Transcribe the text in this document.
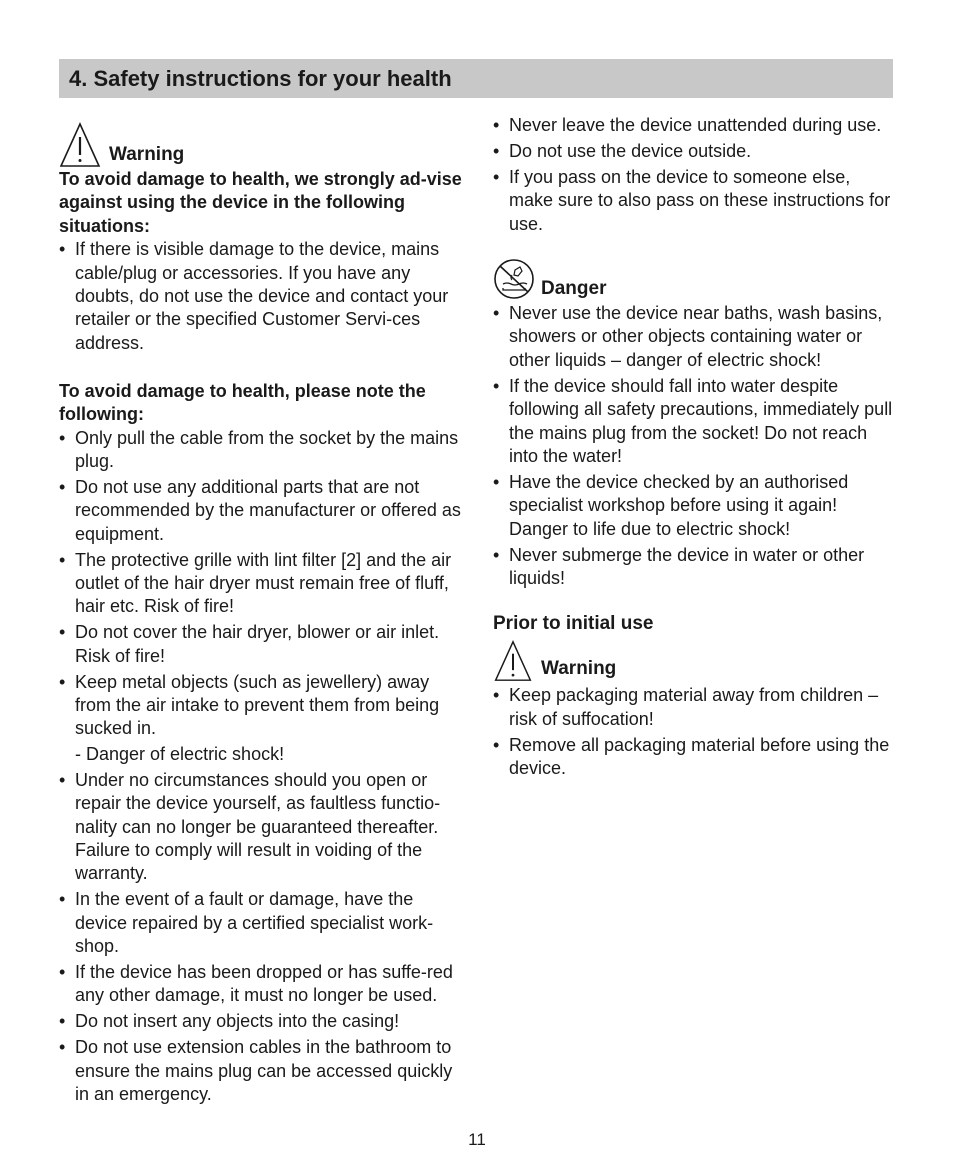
4. Safety instructions for your health
Warning

To avoid damage to health, we strongly ad-vise against using the device in the following situations:

• If there is visible damage to the device, mains cable/plug or accessories. If you have any doubts, do not use the device and contact your retailer or the specified Customer Servi-ces address.

To avoid damage to health, please note the following:

• Only pull the cable from the socket by the mains plug.
• Do not use any additional parts that are not recommended by the manufacturer or offered as equipment.
• The protective grille with lint filter [2] and the air outlet of the hair dryer must remain free of fluff, hair etc. Risk of fire!
• Do not cover the hair dryer, blower or air inlet. Risk of fire!
• Keep metal objects (such as jewellery) away from the air intake to prevent them from being sucked in.
- Danger of electric shock!
• Under no circumstances should you open or repair the device yourself, as faultless functio-nality can no longer be guaranteed thereafter. Failure to comply will result in voiding of the warranty.
• In the event of a fault or damage, have the device repaired by a certified specialist work-shop.
• If the device has been dropped or has suffe-red any other damage, it must no longer be used.
• Do not insert any objects into the casing!
• Do not use extension cables in the bathroom to ensure the mains plug can be accessed quickly in an emergency.
• Never leave the device unattended during use.
• Do not use the device outside.
• If you pass on the device to someone else, make sure to also pass on these instructions for use.
Danger
• Never use the device near baths, wash basins, showers or other objects containing water or other liquids – danger of electric shock!
• If the device should fall into water despite following all safety precautions, immediately pull the mains plug from the socket! Do not reach into the water!
• Have the device checked by an authorised specialist workshop before using it again! Danger to life due to electric shock!
• Never submerge the device in water or other liquids!
Prior to initial use
Warning
• Keep packaging material away from children – risk of suffocation!
• Remove all packaging material before using the device.
11
